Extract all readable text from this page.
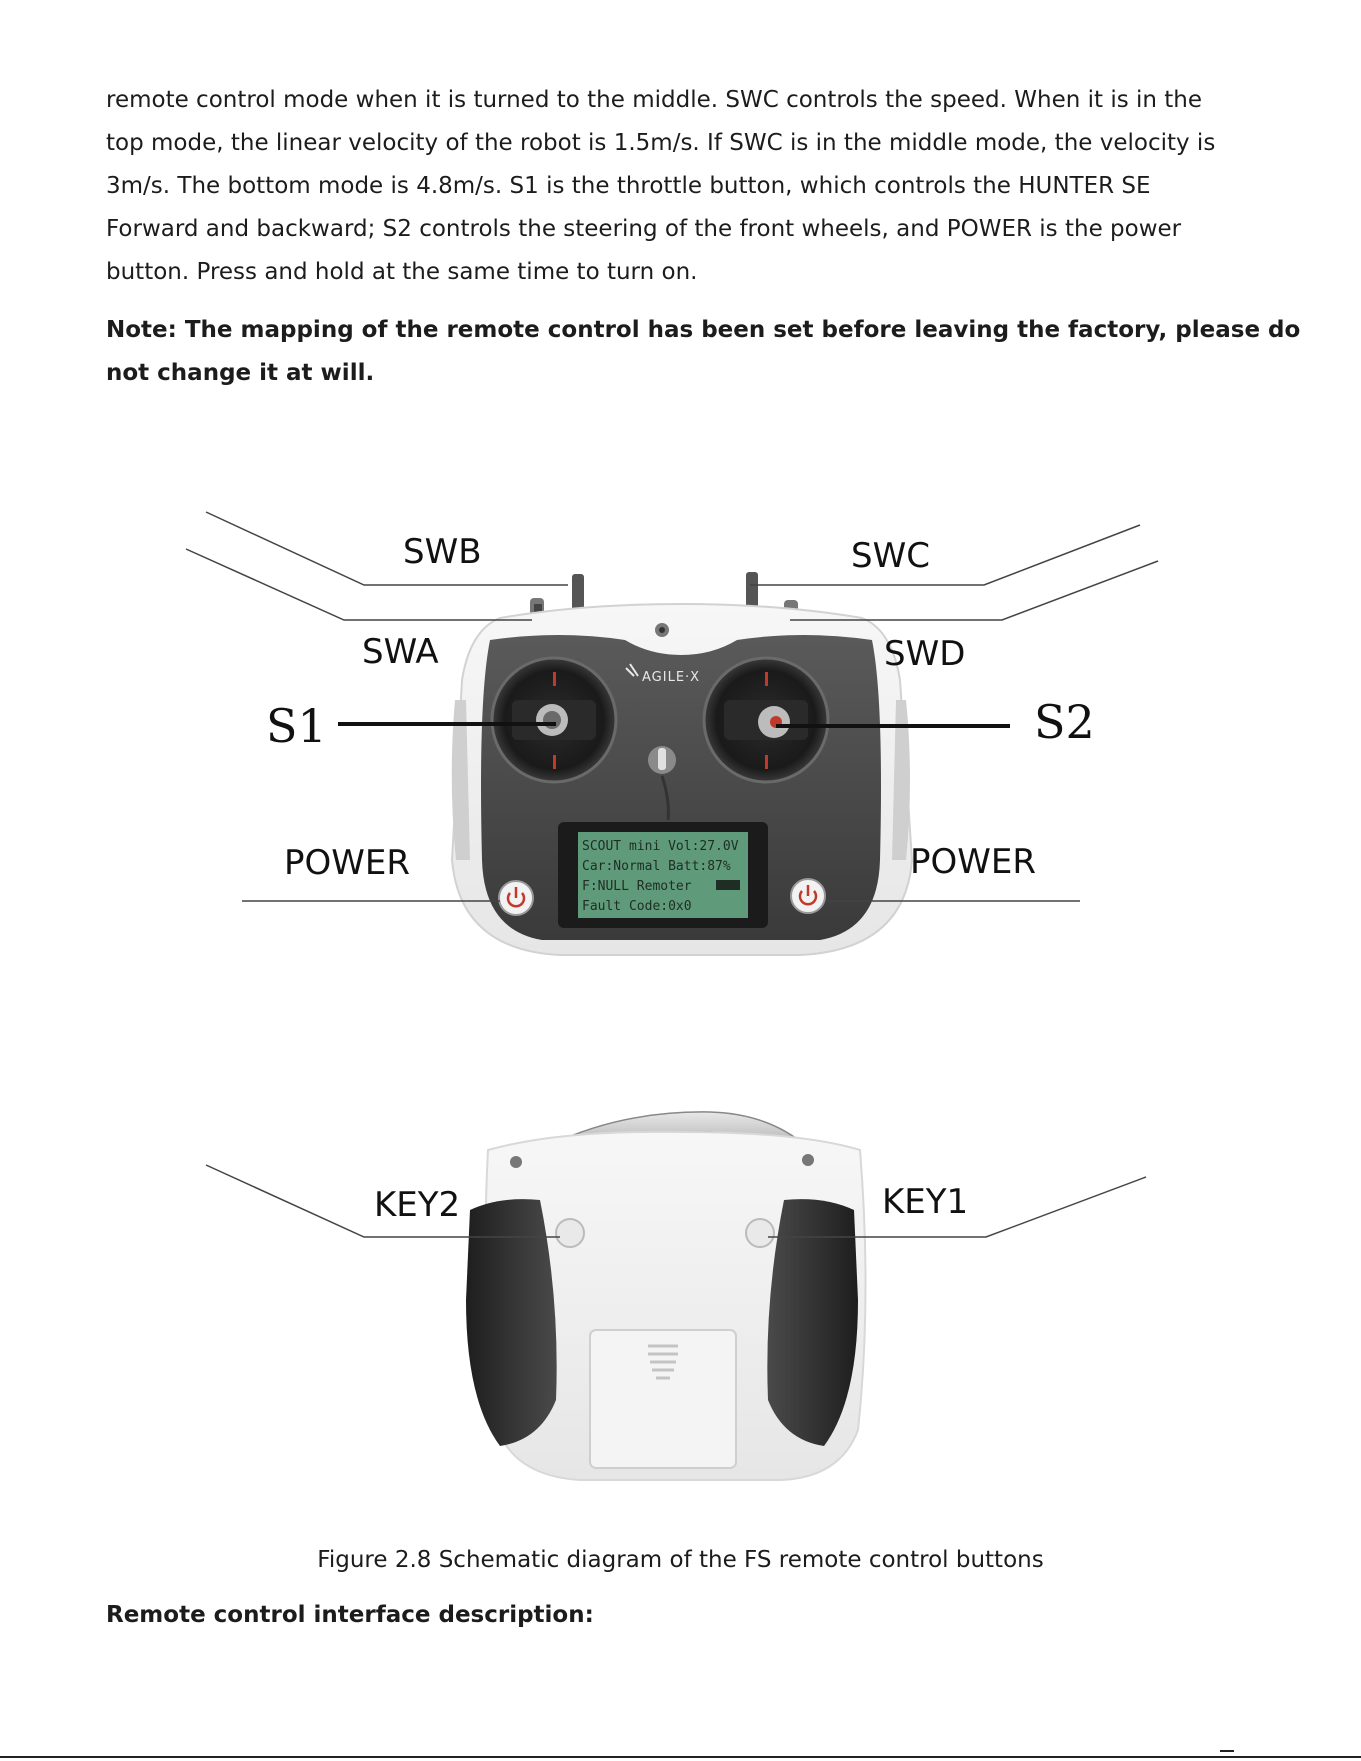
remote control mode when it is turned to the middle. SWC controls the speed. When it is in the
top mode, the linear velocity of the robot is 1.5m/s. If SWC is in the middle mode, the velocity is
3m/s. The bottom mode is 4.8m/s. S1 is the throttle button, which controls the HUNTER SE
Forward and backward; S2 controls the steering of the front wheels, and POWER is the power
button. Press and hold at the same time to turn on.

Note: The mapping of the remote control has been set before leaving the factory, please do
not change it at will.

AGILE·X
SCOUT mini Vol:27.0V
Car:Normal Batt:87%
F:NULL Remoter
Fault Code:0x0
SWB	SWC
SWA	SWD
S1	S2
POWER	POWER
KEY2	KEY1
Figure 2.8 Schematic diagram of the FS remote control buttons
Remote control interface description:
